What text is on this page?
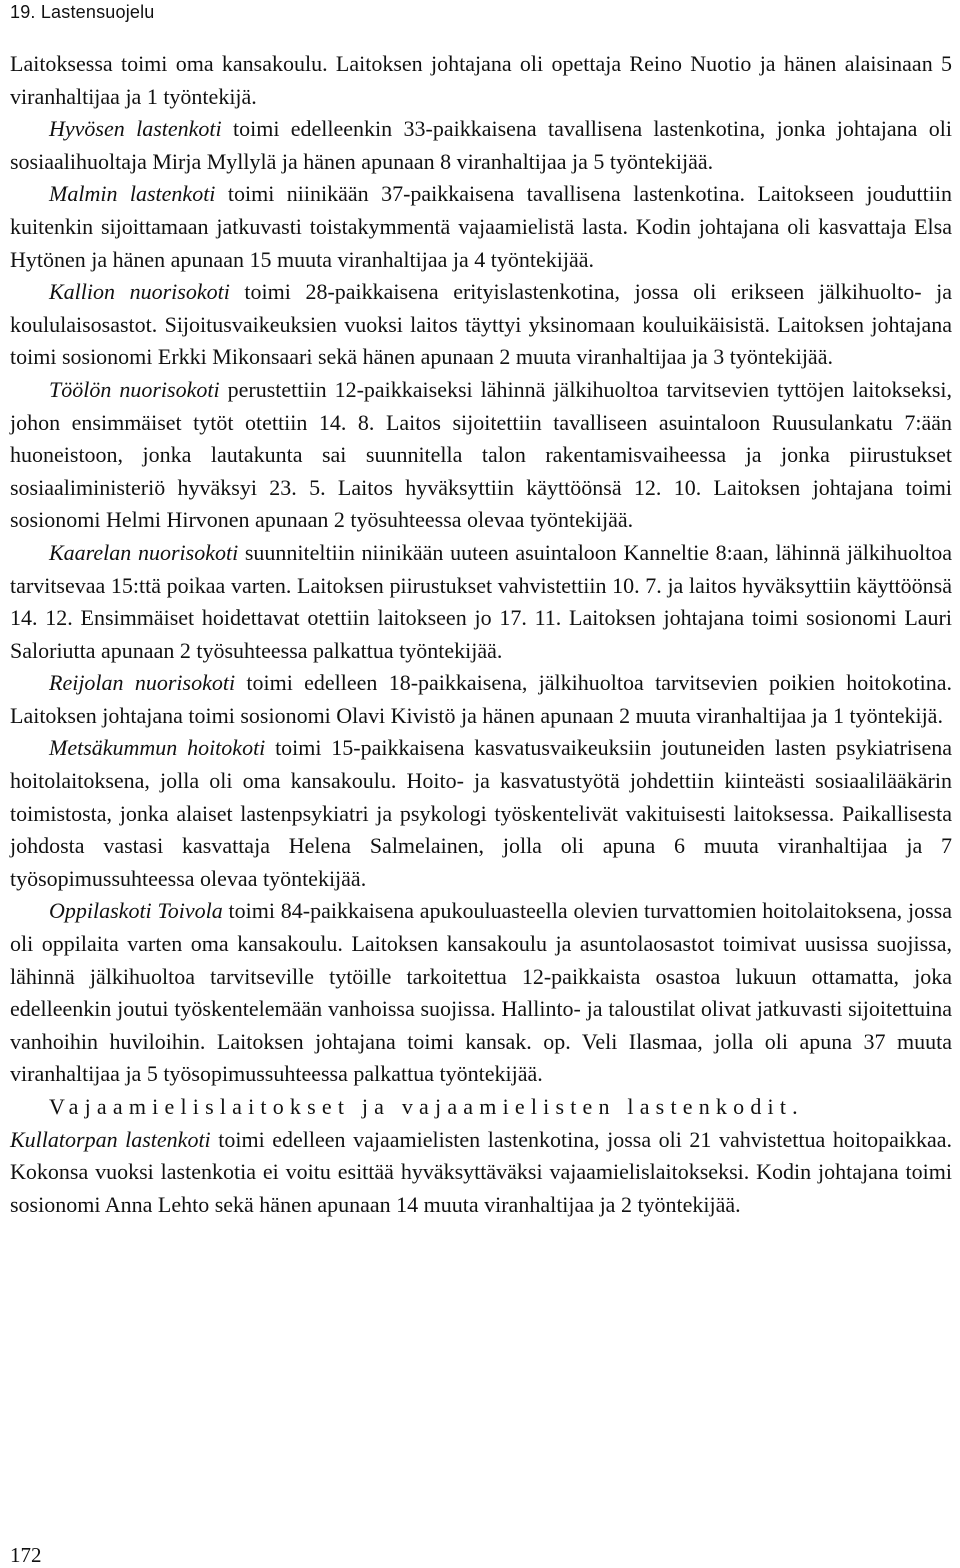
19. Lastensuojelu

Laitoksessa toimi oma kansakoulu. Laitoksen johtajana oli opettaja Reino Nuotio ja hänen alaisinaan 5 viranhaltijaa ja 1 työntekijä.

Hyvösen lastenkoti toimi edelleenkin 33-paikkaisena tavallisena lastenkotina, jonka johtajana oli sosiaalihuoltaja Mirja Myllylä ja hänen apunaan 8 viranhaltijaa ja 5 työntekijää.

Malmin lastenkoti toimi niinikään 37-paikkaisena tavallisena lastenkotina. Laitokseen jouduttiin kuitenkin sijoittamaan jatkuvasti toistakymmentä vajaamielistä lasta. Kodin johtajana oli kasvattaja Elsa Hytönen ja hänen apunaan 15 muuta viranhaltijaa ja 4 työntekijää.

Kallion nuorisokoti toimi 28-paikkaisena erityislastenkotina, jossa oli erikseen jälkihuolto- ja koululaisosastot. Sijoitusvaikeuksien vuoksi laitos täyttyi yksinomaan kouluikäisistä. Laitoksen johtajana toimi sosionomi Erkki Mikonsaari sekä hänen apunaan 2 muuta viranhaltijaa ja 3 työntekijää.

Töölön nuorisokoti perustettiin 12-paikkaiseksi lähinnä jälkihuoltoa tarvitsevien tyttöjen laitokseksi, johon ensimmäiset tytöt otettiin 14. 8. Laitos sijoitettiin tavalliseen asuintaloon Ruusulankatu 7:ään huoneistoon, jonka lautakunta sai suunnitella talon rakentamisvaiheessa ja jonka piirustukset sosiaaliministeriö hyväksyi 23. 5. Laitos hyväksyttiin käyttöönsä 12. 10. Laitoksen johtajana toimi sosionomi Helmi Hirvonen apunaan 2 työsuhteessa olevaa työntekijää.

Kaarelan nuorisokoti suunniteltiin niinikään uuteen asuintaloon Kanneltie 8:aan, lähinnä jälkihuoltoa tarvitsevaa 15:ttä poikaa varten. Laitoksen piirustukset vahvistettiin 10. 7. ja laitos hyväksyttiin käyttöönsä 14. 12. Ensimmäiset hoidettavat otettiin laitokseen jo 17. 11. Laitoksen johtajana toimi sosionomi Lauri Saloriutta apunaan 2 työsuhteessa palkattua työntekijää.

Reijolan nuorisokoti toimi edelleen 18-paikkaisena, jälkihuoltoa tarvitsevien poikien hoitokotina. Laitoksen johtajana toimi sosionomi Olavi Kivistö ja hänen apunaan 2 muuta viranhaltijaa ja 1 työntekijä.

Metsäkummun hoitokoti toimi 15-paikkaisena kasvatusvaikeuksiin joutuneiden lasten psykiatrisena hoitolaitoksena, jolla oli oma kansakoulu. Hoito- ja kasvatustyötä johdettiin kiinteästi sosiaalilääkärin toimistosta, jonka alaiset lastenpsykiatri ja psykologi työskentelivät vakituisesti laitoksessa. Paikallisesta johdosta vastasi kasvattaja Helena Salmelainen, jolla oli apuna 6 muuta viranhaltijaa ja 7 työsopimussuhteessa olevaa työntekijää.

Oppilaskoti Toivola toimi 84-paikkaisena apukouluasteella olevien turvattomien hoitolaitoksena, jossa oli oppilaita varten oma kansakoulu. Laitoksen kansakoulu ja asuntolaosastot toimivat uusissa suojissa, lähinnä jälkihuoltoa tarvitseville tytöille tarkoitettua 12-paikkaista osastoa lukuun ottamatta, joka edelleenkin joutui työskentelemään vanhoissa suojissa. Hallinto- ja taloustilat olivat jatkuvasti sijoitettuina vanhoihin huviloihin. Laitoksen johtajana toimi kansak. op. Veli Ilasmaa, jolla oli apuna 37 muuta viranhaltijaa ja 5 työsopimussuhteessa palkattua työntekijää.

Vajaamielislaitokset ja vajaamielisten lastenkodit.

Kullatorpan lastenkoti toimi edelleen vajaamielisten lastenkotina, jossa oli 21 vahvistettua hoitopaikkaa. Kokonsa vuoksi lastenkotia ei voitu esittää hyväksyttäväksi vajaamielislaitokseksi. Kodin johtajana toimi sosionomi Anna Lehto sekä hänen apunaan 14 muuta viranhaltijaa ja 2 työntekijää.

172
